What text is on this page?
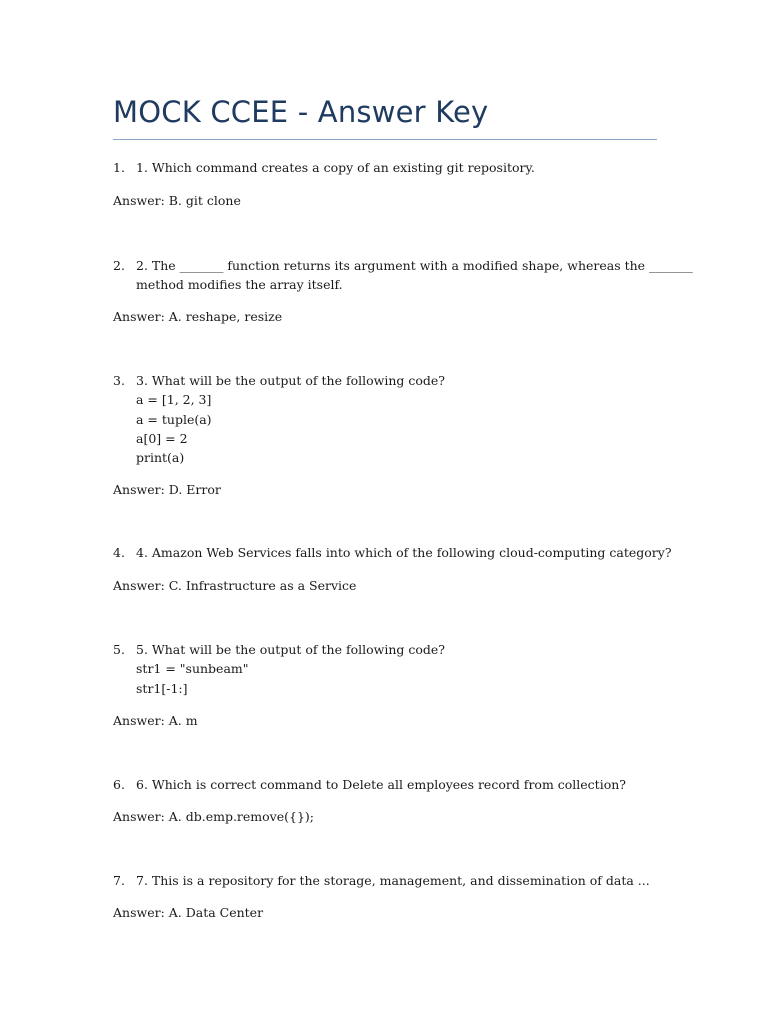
MOCK CCEE - Answer Key
1. 1. Which command creates a copy of an existing git repository.
Answer: B. git clone
2. 2. The _______ function returns its argument with a modified shape, whereas the _______
method modifies the array itself.
Answer: A. reshape, resize
3. 3. What will be the output of the following code?
a = [1, 2, 3]
a = tuple(a)
a[0] = 2
print(a)
Answer: D. Error
4. 4. Amazon Web Services falls into which of the following cloud-computing category?
Answer: C. Infrastructure as a Service
5. 5. What will be the output of the following code?
str1 = "sunbeam"
str1[-1:]
Answer: A. m
6. 6. Which is correct command to Delete all employees record from collection?
Answer: A. db.emp.remove({});
7. 7. This is a repository for the storage, management, and dissemination of data ...
Answer: A. Data Center
